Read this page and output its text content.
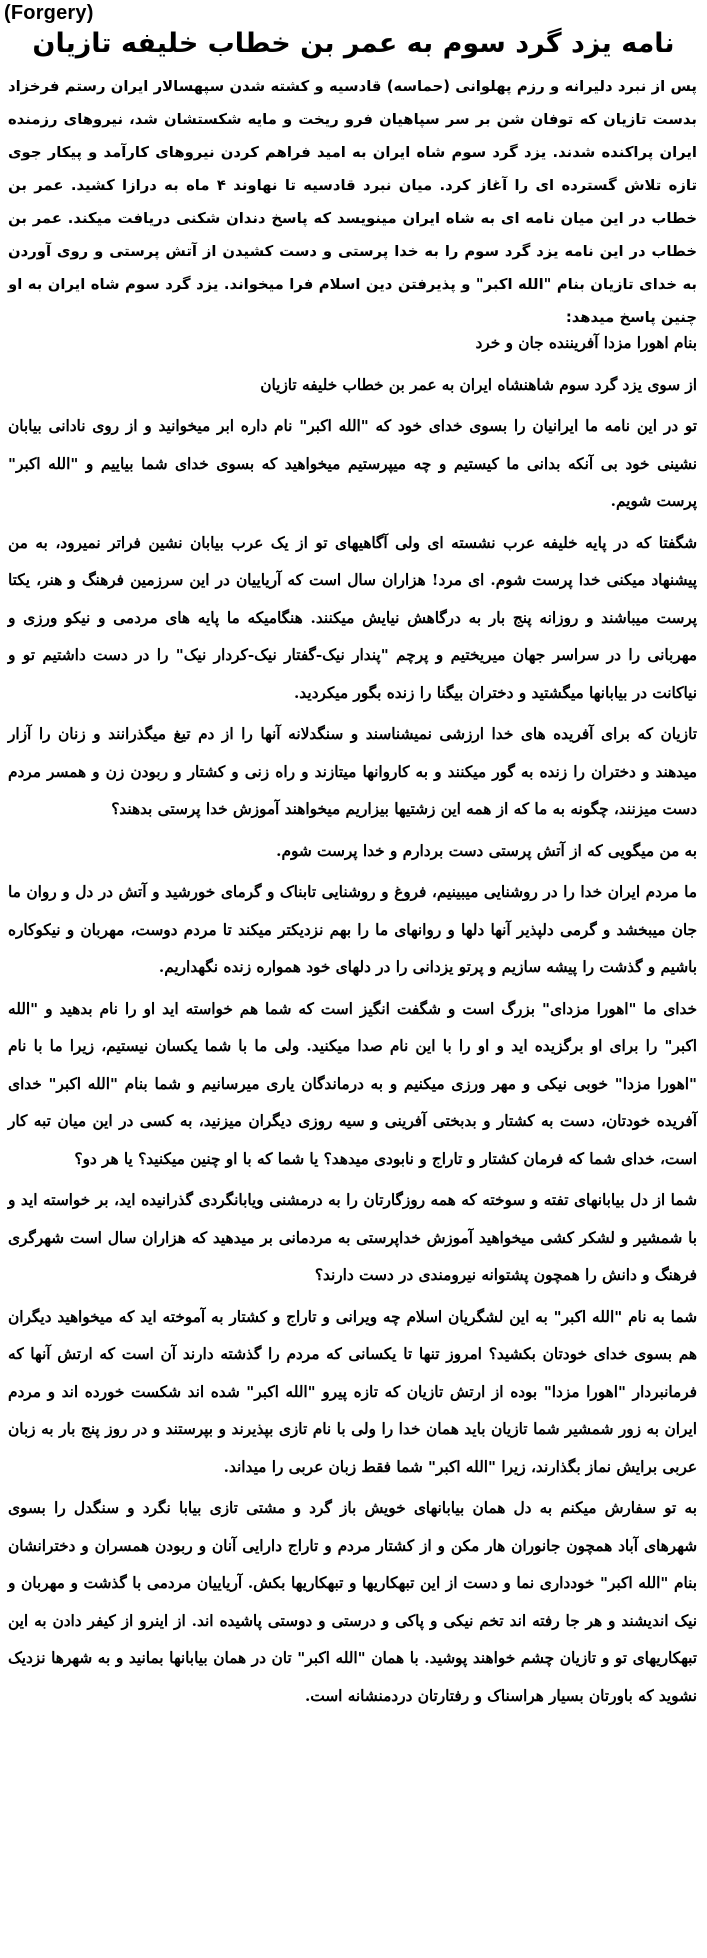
(Forgery)
نامه یزد گرد سوم به عمر بن خطاب خلیفه تازیان
پس از نبرد دلیرانه و رزم پهلوانی (حماسه) قادسیه و کشته شدن سپهسالار ایران رستم فرخزاد بدست تازیان که توفان شن بر سر سپاهیان فرو ریخت و مایه شکستشان شد، نیروهای رزمنده ایران پراکنده شدند. یزد گرد سوم شاه ایران به امید فراهم کردن نیروهای کارآمد و پیکار جوی تازه تلاش گسترده ای را آغاز کرد. میان نبرد قادسیه تا نهاوند ۴ ماه به درازا کشید. عمر بن خطاب در این میان نامه ای به شاه ایران مینویسد که پاسخ دندان شکنی دریافت میکند. عمر بن خطاب در این نامه یزد گرد سوم را به خدا پرستی و دست کشیدن از آتش پرستی و روی آوردن به خدای تازیان بنام "الله اکبر" و پذیرفتن دین اسلام فرا میخواند. یزد گرد سوم شاه ایران به او چنین پاسخ میدهد:

بنام اهورا مزدا آفریننده جان و خرد

از سوی یزد گرد سوم شاهنشاه ایران به عمر بن خطاب خلیفه تازیان

تو در این نامه ما ایرانیان را بسوی خدای خود که "الله اکبر" نام داره ابر میخوانید و از روی نادانی بیابان نشینی خود بی آنکه بدانی ما کیستیم و چه میپرستیم میخواهید که بسوی خدای شما بیاییم و "الله اکبر" پرست شویم.

شگفتا که در پایه خلیفه عرب نشسته ای ولی آگاهیهای تو از یک عرب بیابان نشین فراتر نمیرود، به من پیشنهاد میکنی خدا پرست شوم. ای مرد! هزاران سال است که آریاییان در این سرزمین فرهنگ و هنر، یکتا پرست میباشند و روزانه پنج بار به درگاهش نیایش میکنند. هنگامیکه ما پایه های مردمی و نیکو ورزی و مهربانی را در سراسر جهان میریختیم و پرچم "پندار نیک-گفتار نیک-کردار نیک" را در دست داشتیم تو و نیاکانت در بیابانها میگشتید و دختران بیگنا را زنده بگور میکردید.

تازیان که برای آفریده های خدا ارزشی نمیشناسند و سنگدلانه آنها را از دم تیغ میگذرانند و زنان را آزار میدهند و دختران را زنده به گور میکنند و به کاروانها میتازند و راه زنی و کشتار و ربودن زن و همسر مردم دست میزنند، چگونه به ما که از همه این زشتیها بیزاریم میخواهند آموزش خدا پرستی بدهند؟

به من میگویی که از آتش پرستی دست بردارم و خدا پرست شوم.

ما مردم ایران خدا را در روشنایی میبینیم، فروغ و روشنایی تابناک و گرمای خورشید و آتش در دل و روان ما جان میبخشد و گرمی دلپذیر آنها دلها و روانهای ما را بهم نزدیکتر میکند تا مردم دوست، مهربان و نیکوکاره باشیم و گذشت را پیشه سازیم و پرتو یزدانی را در دلهای خود همواره زنده نگهداریم.

خدای ما "اهورا مزدای" بزرگ است و شگفت انگیز است که شما هم خواسته اید او را نام بدهید و "الله اکبر" را برای او برگزیده اید و او را با این نام صدا میکنید. ولی ما با شما یکسان نیستیم، زیرا ما با نام "اهورا مزدا" خوبی نیکی و مهر ورزی میکنیم و به درماندگان یاری میرسانیم و شما بنام "الله اکبر" خدای آفریده خودتان، دست به کشتار و بدبختی آفرینی و سیه روزی دیگران میزنید، به کسی در این میان تبه کار است، خدای شما که فرمان کشتار و تاراج و نابودی میدهد؟ یا شما که با او چنین میکنید؟ یا هر دو؟

شما از دل بیابانهای تفته و سوخته که همه روزگارتان را به درمشنی ویابانگردی گذرانیده اید، بر خواسته اید و با شمشیر و لشکر کشی میخواهید آموزش خداپرستی به مردمانی بر میدهید که هزاران سال است شهرگری فرهنگ و دانش را همچون پشتوانه نیرومندی در دست دارند؟

شما به نام "الله اکبر" به این لشگریان اسلام چه ویرانی و تاراج و کشتار به آموخته اید که میخواهید دیگران هم بسوی خدای خودتان بکشید؟ امروز تنها تا یکسانی که مردم را گذشته دارند آن است که ارتش آنها که فرمانبردار "اهورا مزدا" بوده از ارتش تازیان که تازه پیرو "الله اکبر" شده اند شکست خورده اند و مردم ایران به زور شمشیر شما تازیان باید همان خدا را ولی با نام تازی بپذیرند و بپرستند و در روز پنج بار به زبان عربی برایش نماز بگذارند، زیرا "الله اکبر" شما فقط زبان عربی را میداند.

به تو سفارش میکنم به دل همان بیابانهای خویش باز گرد و مشتی تازی بیابا نگرد و سنگدل را بسوی شهرهای آباد همچون جانوران هار مکن و از کشتار مردم و تاراج دارایی آنان و ربودن همسران و دخترانشان بنام "الله اکبر" خودداری نما و دست از این تبهکاریها و تبهکاریها بکش. آریاییان مردمی با گذشت و مهربان و نیک اندیشند و هر جا رفته اند تخم نیکی و پاکی و درستی و دوستی پاشیده اند. از اینرو از کیفر دادن به این تبهکاریهای تو و تازیان چشم خواهند پوشید. با همان "الله اکبر" تان در همان بیابانها بمانید و به شهرها نزدیک نشوید که باورتان بسیار هراسناک و رفتارتان دردمنشانه است.
